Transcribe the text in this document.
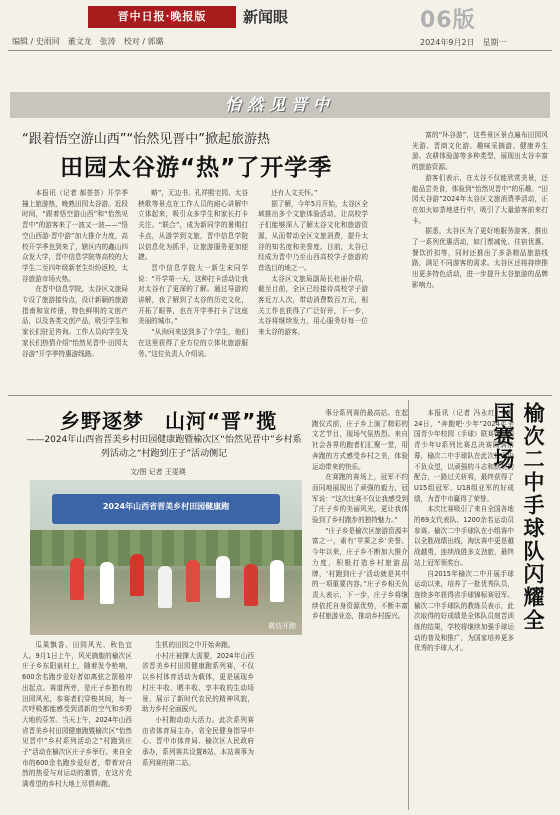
晋中日报·晚报版	新闻眼	06版
编辑 / 史雨同　董文龙　张涛　校对 / 郭璐	2024年9月2日　星期一
怡然见晋中
“跟着悟空游山西”“怡然见晋中”掀起旅游热
田园太谷游“热”了开学季

本报讯（记者 郝荟荟）开学季撞上旅游热，晚熟田园太谷游。近段时间，“跟着悟空游山西”和“怡然见晋中”的游客来了一波又一波——“悟空山西游·晋中游”加大推介力度，高校开学季也到来了，辖区内的鑫山四众发大学，晋中信息学院等高校的大学生二至四年级新老生纷纷返校，太谷旅游市场火热。

在晋中信息学院，太谷区文旅局专设了旅游接待点，设计新颖的旅游指南和宣传册，特色鲜明的文创产品，以及各类文创产品，吸引学生和家长们驻足咨询。工作人员向学生及家长们热情介绍“怡然见晋中·田园太谷游”开学季特惠游线路。

略”，无边书、孔祥熙宅园、太谷秧歌等景点在工作人员的耐心讲解中立体起来，吸引众多学生和家长打卡关注。“联合”，成为新同学的暑期打卡点，从游学到文旅，晋中信息学院以信息化为抓手，让旅游服务更加便捷。

晋中信息学院大一新生宋同学说：“开学第一天，这种打卡活动让我对太谷有了更深的了解。通过导游的讲解，我了解到了太谷的历史文化，开拓了眼界，也在开学季打卡了这座美丽的城市。”

“从询问来送到多了个学生，他们在这里获得了全方位的立体化旅游服务。”这位负责人介绍说。

还有人文关怀。”

据了解，今年5月开始，太谷区全域推出多个文旅体验活动，让高校学子们能够深入了解太谷文化和旅游资源，从而带动全区文旅消费，提升太谷的知名度和美誉度。目前，太谷已经成为晋中乃至山西高校学子旅游的首选目的地之一。

太谷区文旅局副局长杜丽介绍，截至目前，全区已经接待高校学子游客近万人次，带动消费数百万元，相关工作也获得了广泛好评，下一步，太谷将继续发力，用心服务好每一位来太谷的游客。

富的“环谷游”，这些景区景点遍布田园风光游、晋商文化游、趣味采摘游、健康养生游、农耕体验游等多种类型，展现出太谷丰富的旅游资源。

游客们表示，在太谷不仅能欣赏美景，还能品尝美食，体验到“怡然见晋中”的乐趣。“田园太谷游”2024年太谷区文旅消费季活动，正在如火如荼地进行中，吸引了大量游客前来打卡。

据悉，太谷区为了更好地服务游客，推出了一系列优惠活动，如门票减免、住宿优惠、餐饮折扣等，同时还推出了多条精品旅游线路，满足不同游客的需求。太谷区还将持续推出更多特色活动，进一步提升太谷旅游的品牌影响力。

乡野逐梦　山河“晋”揽
——2024年山西省晋美乡村田园健康跑暨榆次区“怡然见晋中”乡村系列活动之“村跑到庄子”活动侧记
文/图 记者 王雯瑛
2024年山西省晋美乡村田园健康跑
微信开跑

瓜果飘香、田园风光、秋色宜人。9月1日上午，风光旖旎的榆次区庄子乡东阳泉村上，随着发令枪响，600余名跑步爱好者如离弦之箭般冲出起点。赛道两旁，是庄子乡独有的田园风光，参赛者们穿梭其间，每一次呼吸都能感受到清新的空气和乡野大地的芬芳。当天上午，2024年山西省晋美乡村田园健康跑暨榆次区“怡然见晋中”乡村系列活动之“村跑到庄子”活动在榆次区庄子乡举行。来自全市的600余名跑步爱好者，带着对自然的热爱与对运动的激情，在这片充满希望的乡村大地上尽情奔跑。

生机的田园之中开始奔跑。

小村庄被撑大需要，2024年山西省晋美乡村田园健康跑系列赛，不仅以乡村体育活动为载体，更是展现乡村庄丰收、晒丰收、享丰收的生动场景，展示了新时代农民的精神风貌，助力乡村全面振兴。

小村跑动动大活力。此次系列赛由省体育局主办，省全民健身指导中心、晋中市体育局、榆次区人民政府承办，系列赛共设置8站，本站赛事为系列赛的第二站。

事分系列赛的最高站。在起跑仪式前，庄子乡上演了精彩的文艺节目，现场气氛热烈。来自社会各界的跑者们汇聚一堂，用奔跑的方式感受乡村之美，体验运动带来的快乐。

在赛跑的赛场上，冠军不约而同地展现出了顽强的毅力，冠军说：“这次比赛不仅让我感受到了庄子乡的美丽风光，更让我体验到了乡村跑步的独特魅力。”

“庄子乡是榆次区旅游资源丰富之一，素有‘苹果之乡’美誉。今年以来，庄子乡不断加大推介力度，积极打造乡村旅游品牌，‘村跑到庄子’活动就是其中的一项重要内容。”庄子乡相关负责人表示，下一步，庄子乡将继续依托自身资源优势，不断丰富乡村旅游业态，推动乡村振兴。

本报讯（记者 冯永红）8月24日，“奔跑吧·少年”2024年全国青少年校园（手球）联赛暨全国青少年U系列比赛总决赛圆满落幕，榆次二中手球队在此次比赛中不负众望，以顽强的斗志和默契的配合，一路过关斩将，最终获得了U15组冠军、U18组亚军的好成绩，为晋中市赢得了荣誉。

本次比赛吸引了来自全国各地的69支代表队、1200余名运动员参赛。榆次二中手球队在小组赛中以全胜战绩出线，淘汰赛中更是越战越勇，连续战胜多支劲旅，最终站上冠军领奖台。

自2015年榆次二中开展手球运动以来，培养了一批优秀队员，连续多年获得省手球锦标赛冠军。榆次二中手球队的教练员表示，此次取得的好成绩是全体队员刻苦训练的结果，学校将继续加强手球运动的普及和推广，为国家培养更多优秀的手球人才。

榆次二中手球队闪耀全国赛场
